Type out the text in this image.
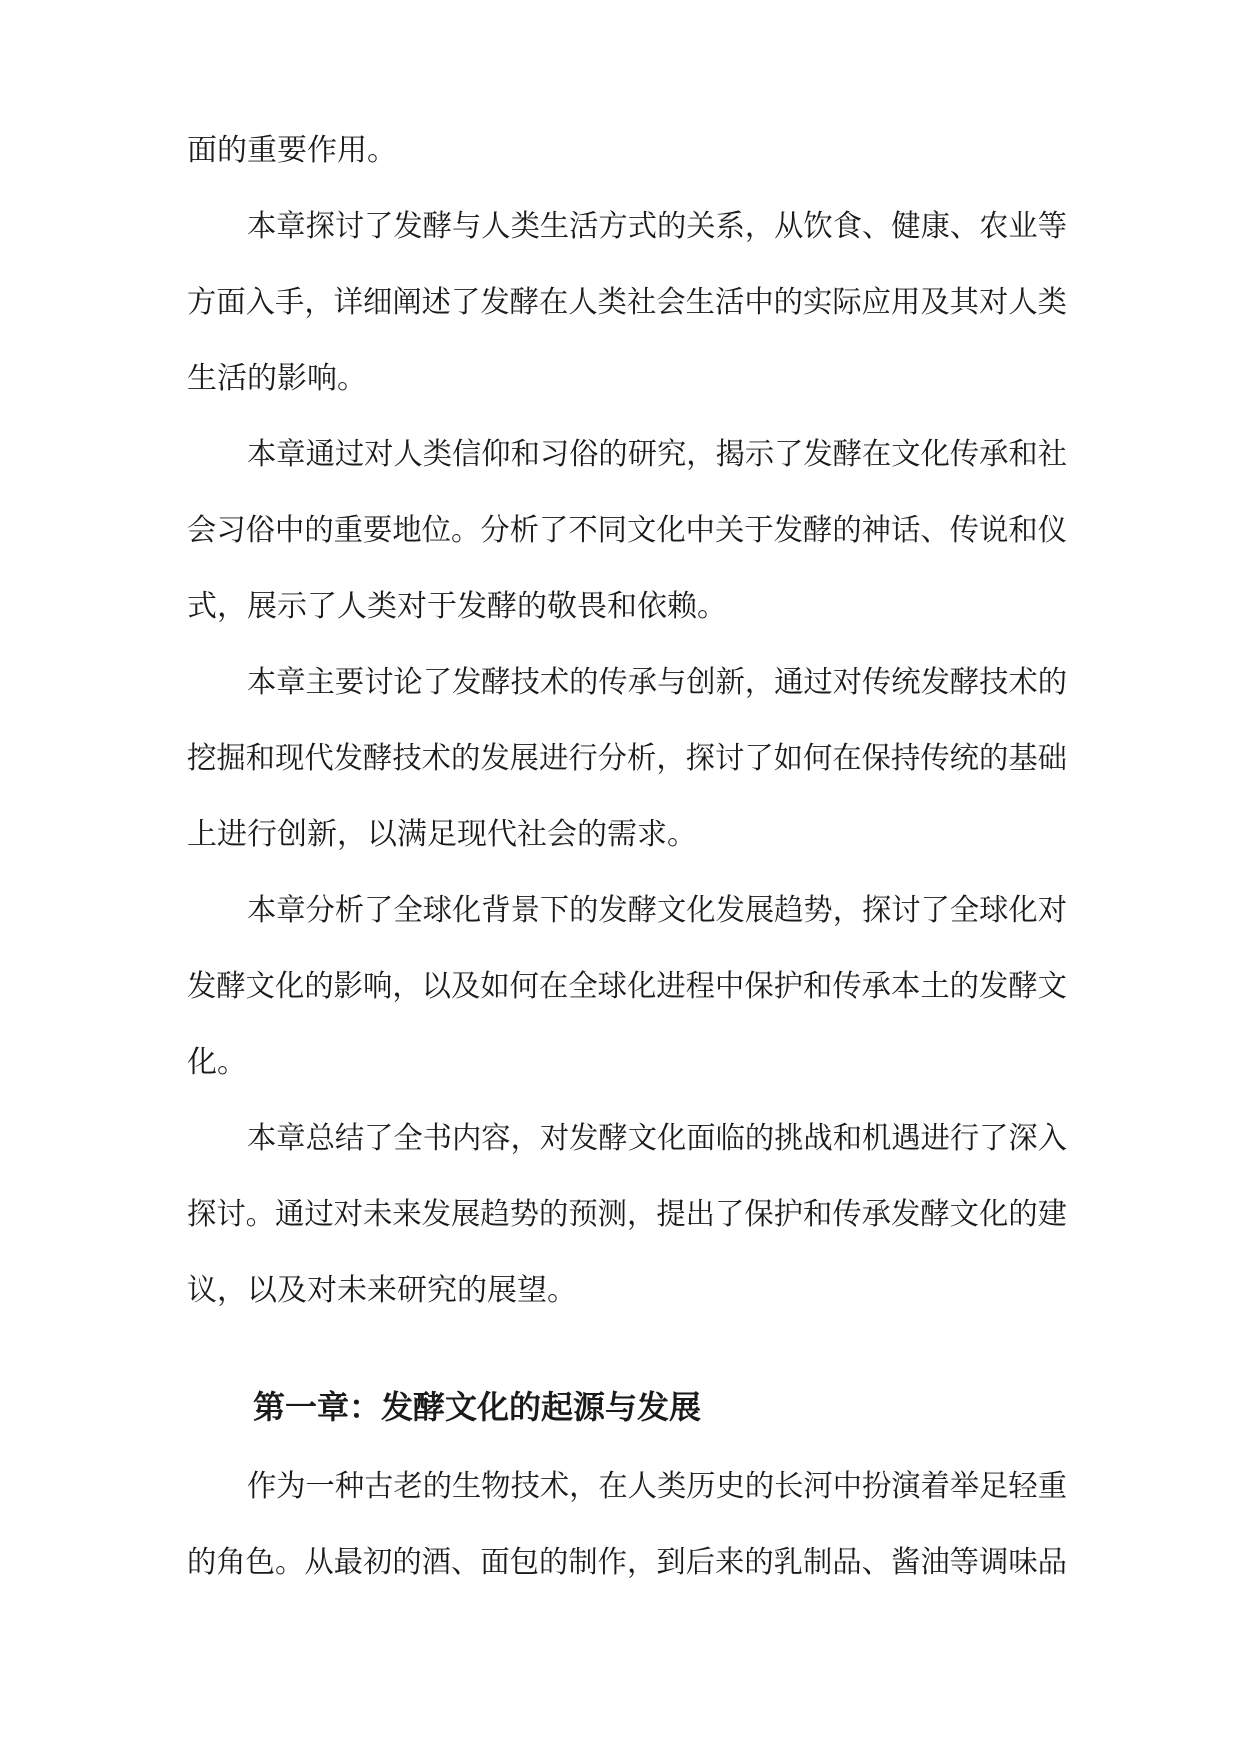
面的重要作用。
本章探讨了发酵与人类生活方式的关系，从饮食、健康、农业等
方面入手，详细阐述了发酵在人类社会生活中的实际应用及其对人类
生活的影响。
本章通过对人类信仰和习俗的研究，揭示了发酵在文化传承和社
会习俗中的重要地位。分析了不同文化中关于发酵的神话、传说和仪
式，展示了人类对于发酵的敬畏和依赖。
本章主要讨论了发酵技术的传承与创新，通过对传统发酵技术的
挖掘和现代发酵技术的发展进行分析，探讨了如何在保持传统的基础
上进行创新，以满足现代社会的需求。
本章分析了全球化背景下的发酵文化发展趋势，探讨了全球化对
发酵文化的影响，以及如何在全球化进程中保护和传承本土的发酵文
化。
本章总结了全书内容，对发酵文化面临的挑战和机遇进行了深入
探讨。通过对未来发展趋势的预测，提出了保护和传承发酵文化的建
议，以及对未来研究的展望。
第一章：发酵文化的起源与发展
作为一种古老的生物技术，在人类历史的长河中扮演着举足轻重
的角色。从最初的酒、面包的制作，到后来的乳制品、酱油等调味品
